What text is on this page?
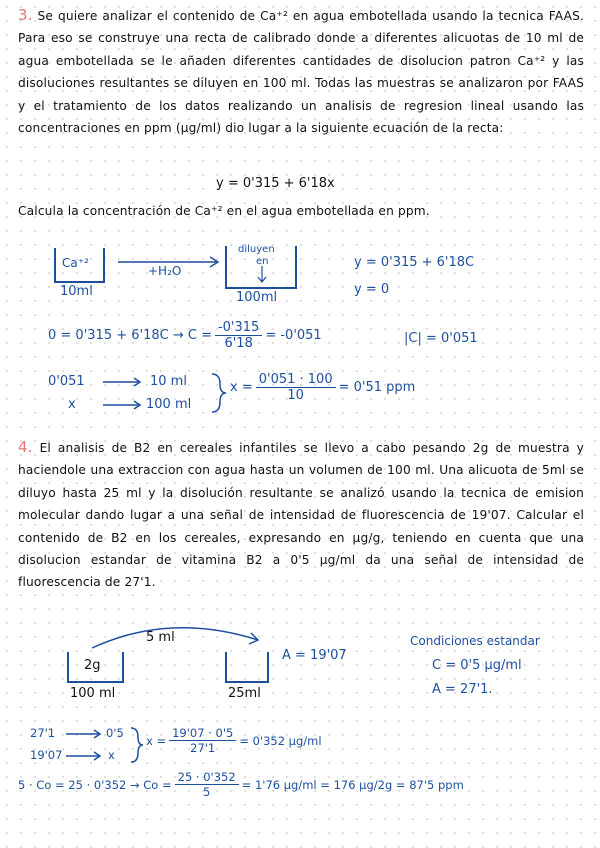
3. Se quiere analizar el contenido de Ca⁺² en agua embotellada usando la tecnica FAAS. Para eso se construye una recta de calibrado donde a diferentes alicuotas de 10 ml de agua embotellada se le añaden diferentes cantidades de disolucion patron Ca⁺² y las disoluciones resultantes se diluyen en 100 ml. Todas las muestras se analizaron por FAAS y el tratamiento de los datos realizando un analisis de regresion lineal usando las concentraciones en ppm (μg/ml) dio lugar a la siguiente ecuación de la recta:
y = 0'315 + 6'18x
Calcula la concentración de Ca⁺² en el agua embotellada en ppm.
Ca⁺²
10ml
+H₂O
diluyen
en
100ml
y = 0'315 + 6'18C
y = 0
$0 = 0'315 + 6'18C \to C = \frac{-0'315}{6'18} = -0'051$	|C| = 0'051
0'051	10 ml
x	100 ml
$x = \frac{0'051 \cdot 100}{10} = 0'51$ ppm
4. El analisis de B2 en cereales infantiles se llevo a cabo pesando 2g de muestra y haciendole una extraccion con agua hasta un volumen de 100 ml. Una alicuota de 5ml se diluyo hasta 25 ml y la disolución resultante se analizó usando la tecnica de emision molecular dando lugar a una señal de intensidad de fluorescencia de 19'07. Calcular el contenido de B2 en los cereales, expresando en μg/g, teniendo en cuenta que una disolucion estandar de vitamina B2 a 0'5 μg/ml da una señal de intensidad de fluorescencia de 27'1.
5 ml
2g
100 ml	25ml
A = 19'07
Condiciones estandar
C = 0'5 μg/ml
A = 27'1.
27'1	0'5
19'07	x
$x = \frac{19'07 \cdot 0'5}{27'1} = 0'352$ μg/ml
$5 \cdot Co = 25 \cdot 0'352 \to Co = \frac{25 \cdot 0'352}{5} = 1'76$ μg/ml = 176 μg/2g = 87'5 ppm
